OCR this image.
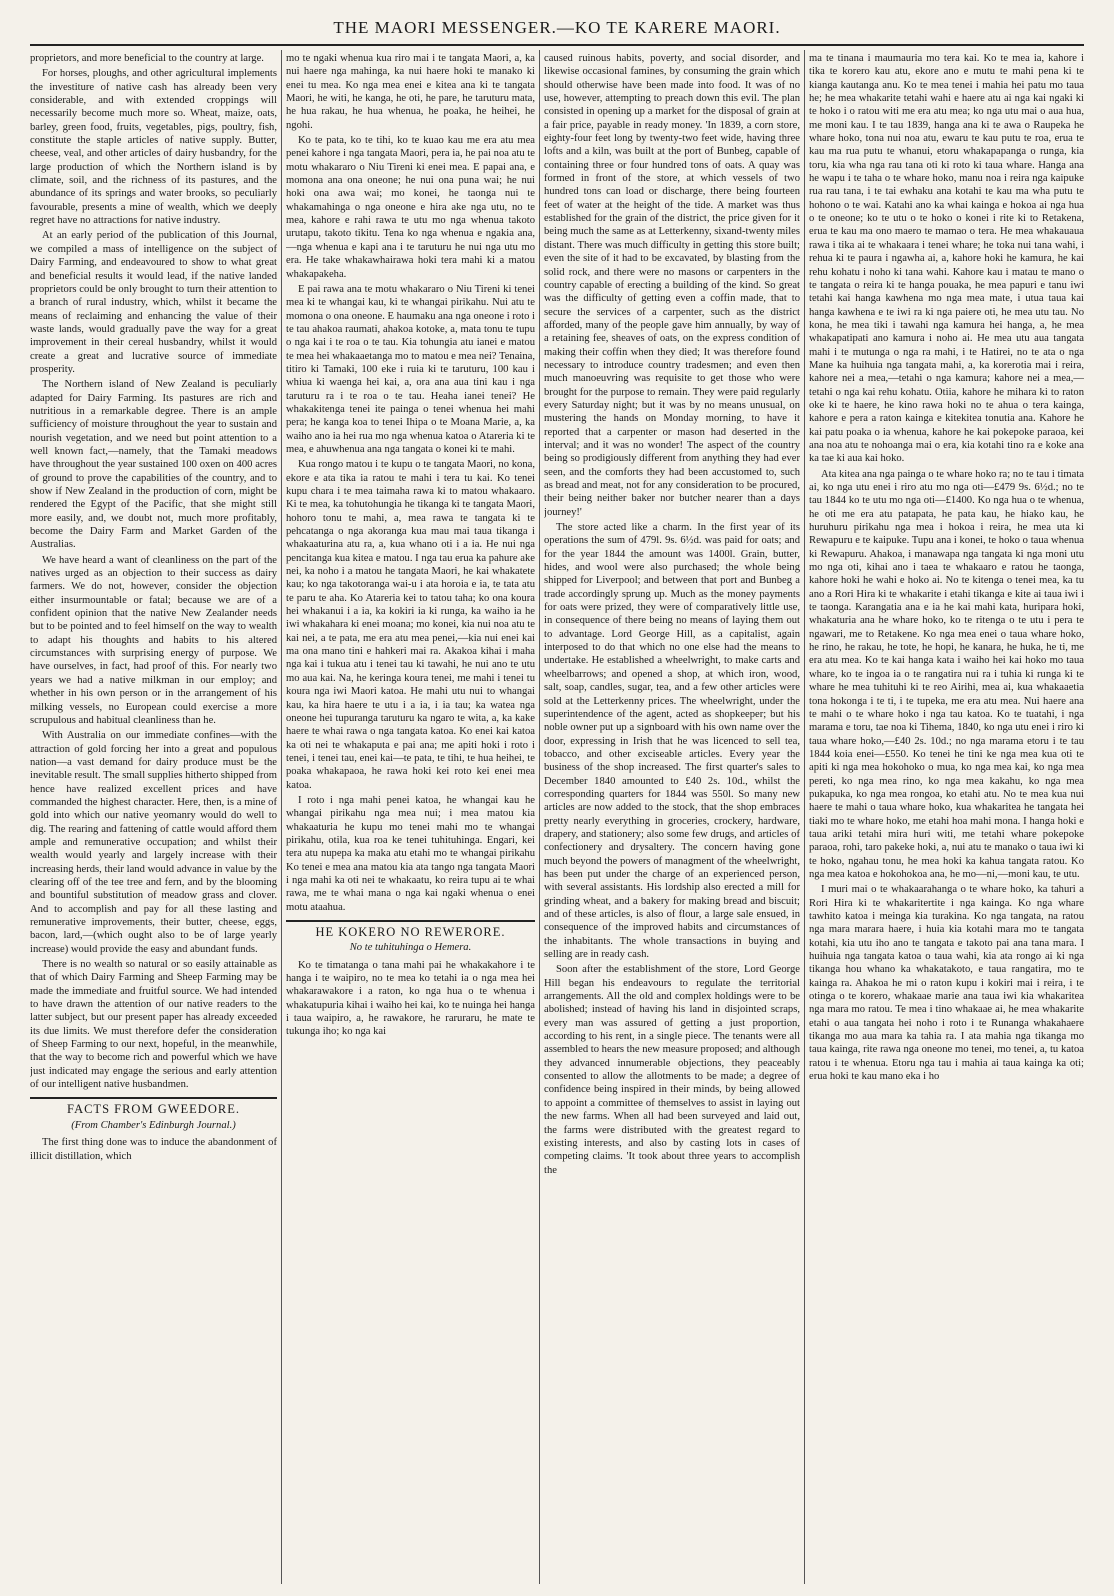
THE MAORI MESSENGER.—KO TE KARERE MAORI.

proprietors, and more beneficial to the country at large.

For horses, ploughs, and other agricultural implements the investiture of native cash has already been very considerable, and with extended croppings will necessarily become much more so. Wheat, maize, oats, barley, green food, fruits, vegetables, pigs, poultry, fish, constitute the staple articles of native supply. Butter, cheese, veal, and other articles of dairy husbandry, for the large production of which the Northern island is by climate, soil, and the richness of its pastures, and the abundance of its springs and water brooks, so peculiarly favourable, presents a mine of wealth, which we deeply regret have no attractions for native industry.

At an early period of the publication of this Journal, we compiled a mass of intelligence on the subject of Dairy Farming, and endeavoured to show to what great and beneficial results it would lead, if the native landed proprietors could be only brought to turn their attention to a branch of rural industry, which, whilst it became the means of reclaiming and enhancing the value of their waste lands, would gradually pave the way for a great improvement in their cereal husbandry, whilst it would create a great and lucrative source of immediate prosperity.

The Northern island of New Zealand is peculiarly adapted for Dairy Farming. Its pastures are rich and nutritious in a remarkable degree. There is an ample sufficiency of moisture throughout the year to sustain and nourish vegetation, and we need but point attention to a well known fact,—namely, that the Tamaki meadows have throughout the year sustained 100 oxen on 400 acres of ground to prove the capabilities of the country, and to show if New Zealand in the production of corn, might be rendered the Egypt of the Pacific, that she might still more easily, and, we doubt not, much more profitably, become the Dairy Farm and Market Garden of the Australias.

We have heard a want of cleanliness on the part of the natives urged as an objection to their success as dairy farmers. We do not, however, consider the objection either insurmountable or fatal; because we are of a confident opinion that the native New Zealander needs but to be pointed and to feel himself on the way to wealth to adapt his thoughts and habits to his altered circumstances with surprising energy of purpose. We have ourselves, in fact, had proof of this. For nearly two years we had a native milkman in our employ; and whether in his own person or in the arrangement of his milking vessels, no European could exercise a more scrupulous and habitual cleanliness than he.

With Australia on our immediate confines—with the attraction of gold forcing her into a great and populous nation—a vast demand for dairy produce must be the inevitable result. The small supplies hitherto shipped from hence have realized excellent prices and have commanded the highest character. Here, then, is a mine of gold into which our native yeomanry would do well to dig. The rearing and fattening of cattle would afford them ample and remunerative occupation; and whilst their wealth would yearly and largely increase with their increasing herds, their land would advance in value by the clearing off of the tee tree and fern, and by the blooming and bountiful substitution of meadow grass and clover. And to accomplish and pay for all these lasting and remunerative improvements, their butter, cheese, eggs, bacon, lard,—(which ought also to be of large yearly increase) would provide the easy and abundant funds.

There is no wealth so natural or so easily attainable as that of which Dairy Farming and Sheep Farming may be made the immediate and fruitful source. We had intended to have drawn the attention of our native readers to the latter subject, but our present paper has already exceeded its due limits. We must therefore defer the consideration of Sheep Farming to our next, hopeful, in the meanwhile, that the way to become rich and powerful which we have just indicated may engage the serious and early attention of our intelligent native husbandmen.

FACTS FROM GWEEDORE.
(From Chamber's Edinburgh Journal.)

The first thing done was to induce the abandonment of illicit distillation, which

mo te ngaki whenua kua riro mai i te tangata Maori, a, ka nui haere nga mahinga, ka nui haere hoki te manako ki enei tu mea. Ko nga mea enei e kitea ana ki te tangata Maori, he witi, he kanga, he oti, he pare, he taruturu mata, he hua rakau, he hua whenua, he poaka, he heihei, he ngohi.

Ko te pata, ko te tihi, ko te kuao kau me era atu mea penei kahore i nga tangata Maori, pera ia, he pai noa atu te motu whakararo o Niu Tireni ki enei mea. E papai ana, e momona ana ona oneone; he nui ona puna wai; he nui hoki ona awa wai; mo konei, he taonga nui te whakamahinga o nga oneone e hira ake nga utu, no te mea, kahore e rahi rawa te utu mo nga whenua takoto urutapu, takoto tikitu. Tena ko nga whenua e ngakia ana,—nga whenua e kapi ana i te taruturu he nui nga utu mo era. He take whakawhairawa hoki tera mahi ki a matou whakapakeha.

E pai rawa ana te motu whakararo o Niu Tireni ki tenei mea ki te whangai kau, ki te whangai pirikahu. Nui atu te momona o ona oneone. E haumaku ana nga oneone i roto i te tau ahakoa raumati, ahakoa kotoke, a, mata tonu te tupu o nga kai i te roa o te tau. Kia tohungia atu ianei e matou te mea hei whakaaetanga mo to matou e mea nei? Tenaina, titiro ki Tamaki, 100 eke i ruia ki te taruturu, 100 kau i whiua ki waenga hei kai, a, ora ana aua tini kau i nga taruturu ra i te roa o te tau. Heaha ianei tenei? He whakakitenga tenei ite painga o tenei whenua hei mahi pera; he kanga koa to tenei Ihipa o te Moana Marie, a, ka waiho ano ia hei rua mo nga whenua katoa o Atareria ki te mea, e ahuwhenua ana nga tangata o konei ki te mahi.

Kua rongo matou i te kupu o te tangata Maori, no kona, ekore e ata tika ia ratou te mahi i tera tu kai. Ko tenei kupu chara i te mea taimaha rawa ki to matou whakaaro. Ki te mea, ka tohutohungia he tikanga ki te tangata Maori, hohoro tonu te mahi, a, mea rawa te tangata ki te pehcatanga o nga akoranga kua mau mai taua tikanga i whakaaturina atu ra, a, kua whano oti i a ia. He nui nga pencitanga kua kitea e matou. I nga tau erua ka pahure ake nei, ka noho i a matou he tangata Maori, he kai whakatete kau; ko nga takotoranga wai-u i ata horoia e ia, te tata atu te paru te aha. Ko Atareria kei to tatou taha; ko ona koura hei whakanui i a ia, ka kokiri ia ki runga, ka waiho ia he iwi whakahara ki enei moana; mo konei, kia nui noa atu te kai nei, a te pata, me era atu mea penei,—kia nui enei kai ma ona mano tini e hahkeri mai ra. Akakoa kihai i maha nga kai i tukua atu i tenei tau ki tawahi, he nui ano te utu mo aua kai. Na, he keringa koura tenei, me mahi i tenei tu koura nga iwi Maori katoa. He mahi utu nui to whangai kau, ka hira haere te utu i a ia, i ia tau; ka watea nga oneone hei tupuranga taruturu ka ngaro te wita, a, ka kake haere te whai rawa o nga tangata katoa. Ko enei kai katoa ka oti nei te whakaputa e pai ana; me apiti hoki i roto i tenei, i tenei tau, enei kai—te pata, te tihi, te hua heihei, te poaka whakapaoa, he rawa hoki kei roto kei enei mea katoa.

I roto i nga mahi penei katoa, he whangai kau he whangai pirikahu nga mea nui; i mea matou kia whakaaturia he kupu mo tenei mahi mo te whangai pirikahu, otila, kua roa ke tenei tuhituhinga. Engari, kei tera atu nupepa ka maka atu etahi mo te whangai pirikahu Ko tenei e mea ana matou kia ata tango nga tangata Maori i nga mahi ka oti nei te whakaatu, ko reira tupu ai te whai rawa, me te whai mana o nga kai ngaki whenua o enei motu ataahua.

HE KOKERO NO REWERORE.
No te tuhituhinga o Hemera.

Ko te timatanga o tana mahi pai he whakakahore i te hanga i te waipiro, no te mea ko tetahi ia o nga mea hei whakarawakore i a raton, ko nga hua o te whenua i whakatupuria kihai i waiho hei kai, ko te nuinga hei hanga i taua waipiro, a, he rawakore, he raruraru, he mate te tukunga iho; ko nga kai

caused ruinous habits, poverty, and social disorder, and likewise occasional famines, by consuming the grain which should otherwise have been made into food. It was of no use, however, attempting to preach down this evil. The plan consisted in opening up a market for the disposal of grain at a fair price, payable in ready money. 'In 1839, a corn store, eighty-four feet long by twenty-two feet wide, having three lofts and a kiln, was built at the port of Bunbeg, capable of containing three or four hundred tons of oats. A quay was formed in front of the store, at which vessels of two hundred tons can load or discharge, there being fourteen feet of water at the height of the tide. A market was thus established for the grain of the district, the price given for it being much the same as at Letterkenny, sixand-twenty miles distant. There was much difficulty in getting this store built; even the site of it had to be excavated, by blasting from the solid rock, and there were no masons or carpenters in the country capable of erecting a building of the kind. So great was the difficulty of getting even a coffin made, that to secure the services of a carpenter, such as the district afforded, many of the people gave him annually, by way of a retaining fee, sheaves of oats, on the express condition of making their coffin when they died; It was therefore found necessary to introduce country tradesmen; and even then much manoeuvring was requisite to get those who were brought for the purpose to remain. They were paid regularly every Saturday night; but it was by no means unusual, on mustering the hands on Monday morning, to have it reported that a carpenter or mason had deserted in the interval; and it was no wonder! The aspect of the country being so prodigiously different from anything they had ever seen, and the comforts they had been accustomed to, such as bread and meat, not for any consideration to be procured, their being neither baker nor butcher nearer than a days journey!'

The store acted like a charm. In the first year of its operations the sum of 479l. 9s. 6½d. was paid for oats; and for the year 1844 the amount was 1400l. Grain, butter, hides, and wool were also purchased; the whole being shipped for Liverpool; and between that port and Bunbeg a trade accordingly sprung up. Much as the money payments for oats were prized, they were of comparatively little use, in consequence of there being no means of laying them out to advantage. Lord George Hill, as a capitalist, again interposed to do that which no one else had the means to undertake. He established a wheelwright, to make carts and wheelbarrows; and opened a shop, at which iron, wood, salt, soap, candles, sugar, tea, and a few other articles were sold at the Letterkenny prices. The wheelwright, under the superintendence of the agent, acted as shopkeeper; but his noble owner put up a signboard with his own name over the door, expressing in Irish that he was licenced to sell tea, tobacco, and other exciseable articles. Every year the business of the shop increased. The first quarter's sales to December 1840 amounted to £40 2s. 10d., whilst the corresponding quarters for 1844 was 550l. So many new articles are now added to the stock, that the shop embraces pretty nearly everything in groceries, crockery, hardware, drapery, and stationery; also some few drugs, and articles of confectionery and drysaltery. The concern having gone much beyond the powers of managment of the wheelwright, has been put under the charge of an experienced person, with several assistants. His lordship also erected a mill for grinding wheat, and a bakery for making bread and biscuit; and of these articles, is also of flour, a large sale ensued, in consequence of the improved habits and circumstances of the inhabitants. The whole transactions in buying and selling are in ready cash.

Soon after the establishment of the store, Lord George Hill began his endeavours to regulate the territorial arrangements. All the old and complex holdings were to be abolished; instead of having his land in disjointed scraps, every man was assured of getting a just proportion, according to his rent, in a single piece. The tenants were all assembled to hears the new measure proposed; and although they advanced innumerable objections, they peaceably consented to allow the allotments to be made; a degree of confidence being inspired in their minds, by being allowed to appoint a committee of themselves to assist in laying out the new farms. When all had been surveyed and laid out, the farms were distributed with the greatest regard to existing interests, and also by casting lots in cases of competing claims. 'It took about three years to accomplish the

ma te tinana i maumauria mo tera kai. Ko te mea ia, kahore i tika te korero kau atu, ekore ano e mutu te mahi pena ki te kianga kautanga anu. Ko te mea tenei i mahia hei patu mo taua he; he mea whakarite tetahi wahi e haere atu ai nga kai ngaki ki te hoko i o ratou witi me era atu mea; ko nga utu mai o aua hua, me moni kau. I te tau 1839, hanga ana ki te awa o Raupeka he whare hoko, tona nui noa atu, ewaru te kau putu te roa, erua te kau ma rua putu te whanui, etoru whakapapanga o runga, kia toru, kia wha nga rau tana oti ki roto ki taua whare. Hanga ana he wapu i te taha o te whare hoko, manu noa i reira nga kaipuke rua rau tana, i te tai ewhaku ana kotahi te kau ma wha putu te hohono o te wai. Katahi ano ka whai kainga e hokoa ai nga hua o te oneone; ko te utu o te hoko o konei i rite ki to Retakena, erua te kau ma ono maero te mamao o tera. He mea whakauaua rawa i tika ai te whakaara i tenei whare; he toka nui tana wahi, i rehua ki te paura i ngawha ai, a, kahore hoki he kamura, he kai rehu kohatu i noho ki tana wahi. Kahore kau i matau te mano o te tangata o reira ki te hanga pouaka, he mea papuri e tanu iwi tetahi kai hanga kawhena mo nga mea mate, i utua taua kai hanga kawhena e te iwi ra ki nga paiere oti, he mea utu tau. No kona, he mea tiki i tawahi nga kamura hei hanga, a, he mea whakapatipati ano kamura i noho ai. He mea utu aua tangata mahi i te mutunga o nga ra mahi, i te Hatirei, no te ata o nga Mane ka huihuia nga tangata mahi, a, ka korerotia mai i reira, kahore nei a mea,—tetahi o nga kamura; kahore nei a mea,—tetahi o nga kai rehu kohatu. Otiia, kahore he mihara ki to raton oke ki te haere, he kino rawa hoki no te ahua o tera kainga, kahore e pera a raton kainga e kitekitea tonutia ana. Kahore he kai patu poaka o ia whenua, kahore he kai pokepoke paraoa, kei ana noa atu te nohoanga mai o era, kia kotahi tino ra e koke ana ka tae ki aua kai hoko.

Ata kitea ana nga painga o te whare hoko ra; no te tau i timata ai, ko nga utu enei i riro atu mo nga oti—£479 9s. 6½d.; no te tau 1844 ko te utu mo nga oti—£1400. Ko nga hua o te whenua, he oti me era atu patapata, he pata kau, he hiako kau, he huruhuru pirikahu nga mea i hokoa i reira, he mea uta ki Rewapuru e te kaipuke. Tupu ana i konei, te hoko o taua whenua ki Rewapuru. Ahakoa, i manawapa nga tangata ki nga moni utu mo nga oti, kihai ano i taea te whakaaro e ratou he taonga, kahore hoki he wahi e hoko ai. No te kitenga o tenei mea, ka tu ano a Rori Hira ki te whakarite i etahi tikanga e kite ai taua iwi i te taonga. Karangatia ana e ia he kai mahi kata, huripara hoki, whakaturia ana he whare hoko, ko te ritenga o te utu i pera te ngawari, me to Retakene. Ko nga mea enei o taua whare hoko, he rino, he rakau, he tote, he hopi, he kanara, he huka, he ti, me era atu mea. Ko te kai hanga kata i waiho hei kai hoko mo taua whare, ko te ingoa ia o te rangatira nui ra i tuhia ki runga ki te whare he mea tuhituhi ki te reo Airihi, mea ai, kua whakaaetia tona hokonga i te ti, i te tupeka, me era atu mea. Nui haere ana te mahi o te whare hoko i nga tau katoa. Ko te tuatahi, i nga marama e toru, tae noa ki Tihema, 1840, ko nga utu enei i riro ki taua whare hoko,—£40 2s. 10d.; no nga marama etoru i te tau 1844 koia enei—£550. Ko tenei he tini ke nga mea kua oti te apiti ki nga mea hokohoko o mua, ko nga mea kai, ko nga mea pereti, ko nga mea rino, ko nga mea kakahu, ko nga mea pukapuka, ko nga mea rongoa, ko etahi atu. No te mea kua nui haere te mahi o taua whare hoko, kua whakaritea he tangata hei tiaki mo te whare hoko, me etahi hoa mahi mona. I hanga hoki e taua ariki tetahi mira huri witi, me tetahi whare pokepoke paraoa, rohi, taro pakeke hoki, a, nui atu te manako o taua iwi ki te hoko, ngahau tonu, he mea hoki ka kahua tangata ratou. Ko nga mea katoa e hokohokoa ana, he mo—ni,—moni kau, te utu.

I muri mai o te whakaarahanga o te whare hoko, ka tahuri a Rori Hira ki te whakaritertite i nga kainga. Ko nga whare tawhito katoa i meinga kia turakina. Ko nga tangata, na ratou nga mara marara haere, i huia kia kotahi mara mo te tangata kotahi, kia utu iho ano te tangata e takoto pai ana tana mara. I huihuia nga tangata katoa o taua wahi, kia ata rongo ai ki nga tikanga hou whano ka whakatakoto, e taua rangatira, mo te kainga ra. Ahakoa he mi o raton kupu i kokiri mai i reira, i te otinga o te korero, whakaae marie ana taua iwi kia whakaritea nga mara mo ratou. Te mea i tino whakaae ai, he mea whakarite etahi o aua tangata hei noho i roto i te Runanga whakahaere tikanga mo aua mara ka tahia ra. I ata mahia nga tikanga mo taua kainga, rite rawa nga oneone mo tenei, mo tenei, a, tu katoa ratou i te whenua. Etoru nga tau i mahia ai taua kainga ka oti; erua hoki te kau mano eka i ho
